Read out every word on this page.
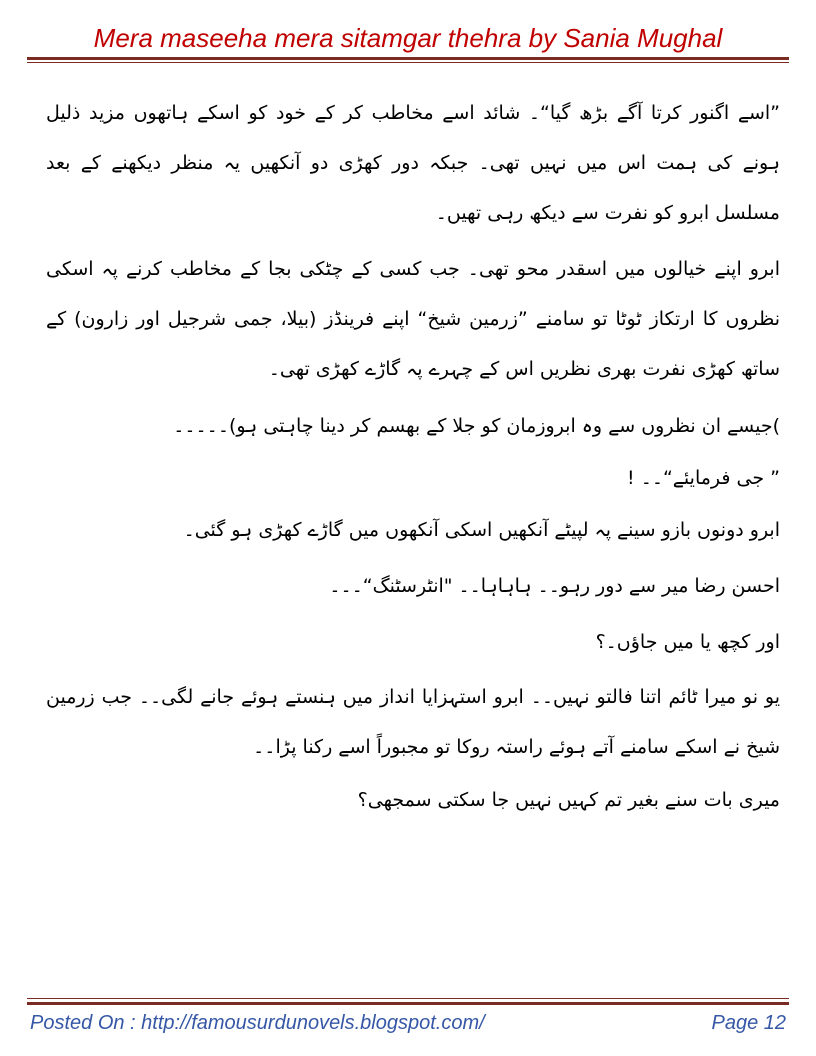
Mera maseeha mera sitamgar thehra by Sania Mughal

”اسے اگنور کرتا آگے بڑھ گیا“۔ شائد اسے مخاطب کر کے خود کو اسکے ہاتھوں مزید ذلیل ہونے کی ہمت اس میں نہیں تھی۔ جبکہ دور کھڑی دو آنکھیں یہ منظر دیکھنے کے بعد مسلسل ابرو کو نفرت سے دیکھ رہی تھیں۔

ابرو اپنے خیالوں میں اسقدر محو تھی۔ جب کسی کے چٹکی بجا کے مخاطب کرنے پہ اسکی نظروں کا ارتکاز ٹوٹا تو سامنے ”زرمین شیخ“ اپنے فرینڈز (بیلا، جمی شرجیل اور زارون) کے ساتھ کھڑی نفرت بھری نظریں اس کے چہرے پہ گاڑے کھڑی تھی۔

)جیسے ان نظروں سے وہ ابروزمان کو جلا کے بھسم کر دینا چاہتی ہو)۔۔۔۔۔

” جی فرمایئے“۔۔ !

ابرو دونوں بازو سینے پہ لپیٹے آنکھیں اسکی آنکھوں میں گاڑے کھڑی ہو گئی۔

احسن رضا میر سے دور رہو۔۔ ہاہاہا۔۔ "انٹرسٹنگ“۔۔۔

اور کچھ یا میں جاؤں۔؟

یو نو میرا ٹائم اتنا فالتو نہیں۔۔ ابرو استہزایا انداز میں ہنستے ہوئے جانے لگی۔۔ جب زرمین شیخ نے اسکے سامنے آتے ہوئے راستہ روکا تو مجبوراً اسے رکنا پڑا۔۔

میری بات سنے بغیر تم کہیں نہیں جا سکتی سمجھی؟

Posted On : http://famousurdunovels.blogspot.com/	Page 12
